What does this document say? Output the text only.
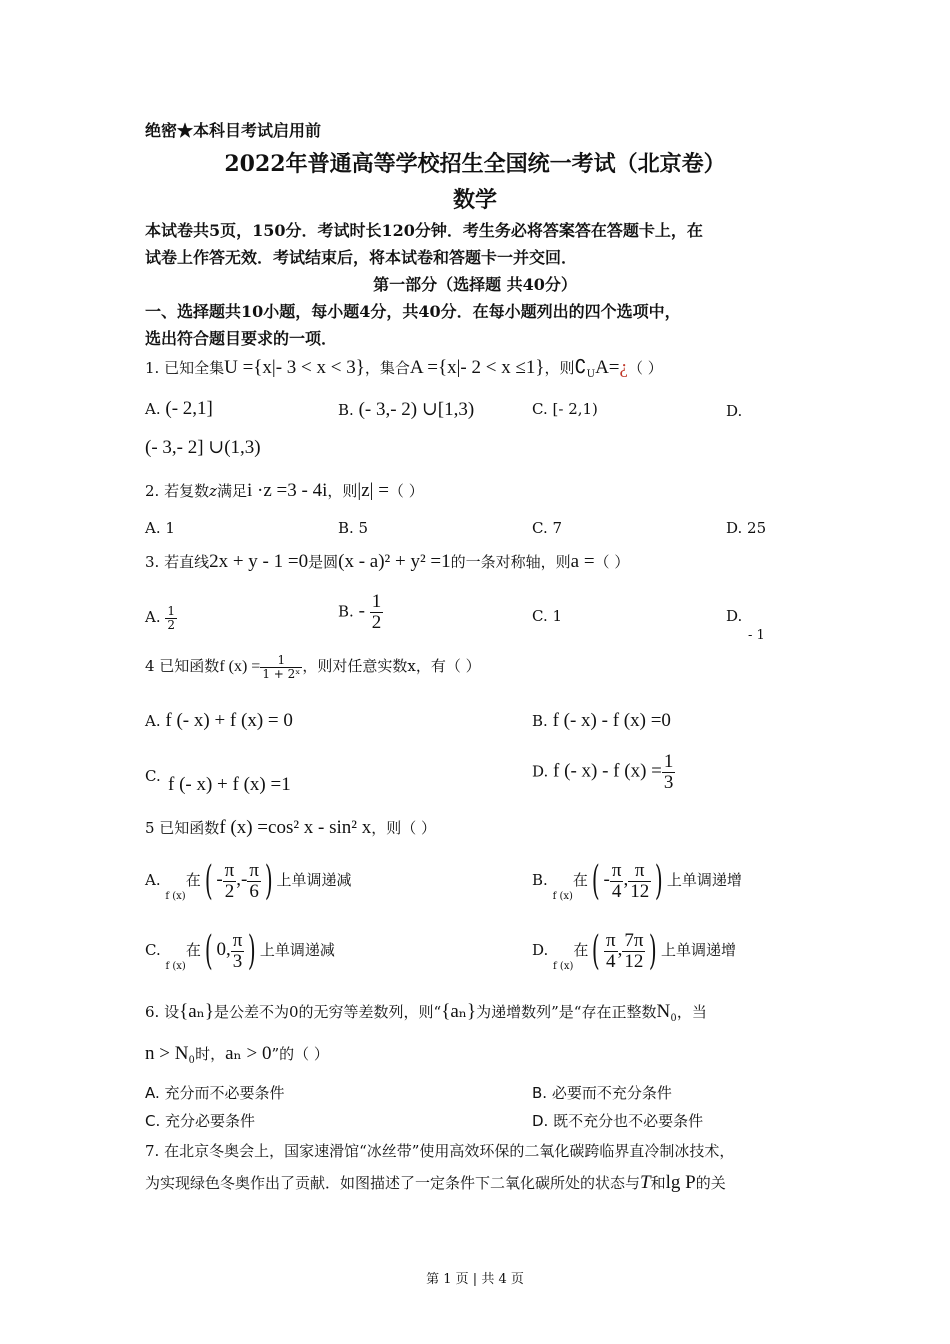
绝密★本科目考试启用前
2022年普通高等学校招生全国统一考试（北京卷）
数学
本试卷共5页，150分．考试时长120分钟．考生务必将答案答在答题卡上，在
试卷上作答无效．考试结束后，将本试卷和答题卡一并交回．
第一部分（选择题 共40分）
一、选择题共10小题，每小题4分，共40分．在每小题列出的四个选项中，
选出符合题目要求的一项．
1. 已知全集U ={x|- 3 < x < 3}，集合A ={x|- 2 < x ≤1}，则$∁_UA=¿$（ ）
A. (- 2,1]	B. (- 3,- 2) ∪[1,3)	C. [- 2,1)	D.
(- 3,- 2] ∪(1,3)
2. 若复数z满足i ·z =3 - 4i，则|z| =（ ）
A. 1	B. 5	C. 7	D. 25
3. 若直线2x + y - 1 =0是圆(x - a)² + y² =1的一条对称轴，则a =（ ）
A. $\frac{1}{2}$	B. - $\frac{1}{2}$	C. 1	D.
- 1
4 已知函数f $(x) = \frac{1}{\text{1 + 2ˣ}}$ ，则对任意实数x，有（ ）
A. f (- x) + f (x) = 0	B. f (- x) - f (x) =0
C. f (- x) + f (x) =1
D. f (- x) - f $(x) = \frac{1}{3}$
5 已知函数f (x) =cos² x - sin² x，则（ ）
A. $_{f (x)}$在( - $\frac{\pi}{2}$ ,- $\frac{\pi}{6}$ ) 上单调递减	B. $_{f (x)}$在( - $\frac{\pi}{4}$ , $\frac{\pi}{12}$ ) 上单调递增
C. $_{f (x)}$在( 0, $\frac{\pi}{3}$ ) 上单调递减	D. $_{f (x)}$在( $\frac{\pi}{4}$ , $\frac{7\pi}{12}$ ) 上单调递增
6. 设{aₙ}是公差不为0的无穷等差数列，则“{aₙ}为递增数列”是“存在正整数N₀，当
n > N₀时，aₙ > 0”的（ ）
A. 充分而不必要条件	B. 必要而不充分条件
C. 充分必要条件	D. 既不充分也不必要条件
7. 在北京冬奥会上，国家速滑馆“冰丝带”使用高效环保的二氧化碳跨临界直冷制冰技术，
为实现绿色冬奥作出了贡献．如图描述了一定条件下二氧化碳所处的状态与T和lg P的关
第 1 页 | 共 4 页
